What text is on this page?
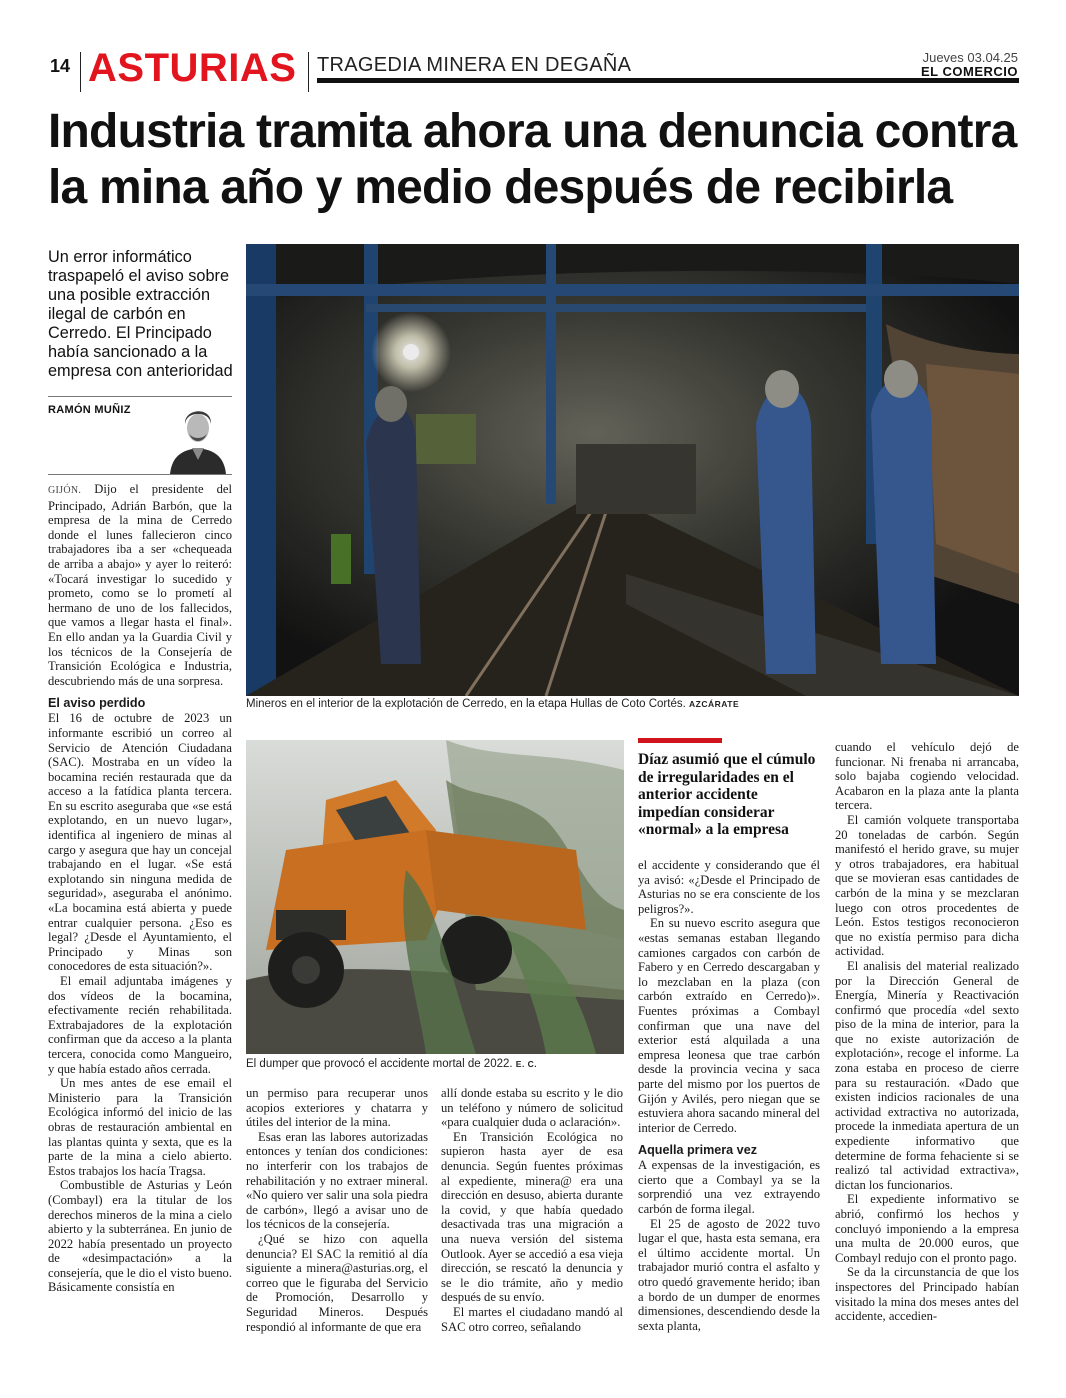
14 ASTURIAS TRAGEDIA MINERA EN DEGAÑA	Jueves 03.04.25
EL COMERCIO
Industria tramita ahora una denuncia contra
la mina año y medio después de recibirla
Un error informático traspapeló el aviso sobre una posible extracción ilegal de carbón en Cerredo. El Principado había sancionado a la empresa con anterioridad
RAMÓN MUÑIZ

GIJÓN. Dijo el presidente del Principado, Adrián Barbón, que la empresa de la mina de Cerredo donde el lunes fallecieron cinco trabajadores iba a ser «chequeada de arriba a abajo» y ayer lo reiteró: «Tocará investigar lo sucedido y prometo, como se lo prometí al hermano de uno de los fallecidos, que vamos a llegar hasta el final». En ello andan ya la Guardia Civil y los técnicos de la Consejería de Transición Ecológica e Industria, descubriendo más de una sorpresa.

El aviso perdido

El 16 de octubre de 2023 un informante escribió un correo al Servicio de Atención Ciudadana (SAC). Mostraba en un vídeo la bocamina recién restaurada que da acceso a la fatídica planta tercera. En su escrito aseguraba que «se está explotando, en un nuevo lugar», identifica al ingeniero de minas al cargo y asegura que hay un concejal trabajando en el lugar. «Se está explotando sin ninguna medida de seguridad», aseguraba el anónimo. «La bocamina está abierta y puede entrar cualquier persona. ¿Eso es legal? ¿Desde el Ayuntamiento, el Principado y Minas son conocedores de esta situación?».

El email adjuntaba imágenes y dos vídeos de la bocamina, efectivamente recién rehabilitada. Extrabajadores de la explotación confirman que da acceso a la planta tercera, conocida como Mangueiro, y que había estado años cerrada.

Un mes antes de ese email el Ministerio para la Transición Ecológica informó del inicio de las obras de restauración ambiental en las plantas quinta y sexta, que es la parte de la mina a cielo abierto. Estos trabajos los hacía Tragsa.

Combustible de Asturias y León (Combayl) era la titular de los derechos mineros de la mina a cielo abierto y la subterránea. En junio de 2022 había presentado un proyecto de «desimpactación» a la consejería, que le dio el visto bueno. Básicamente consistía en

Mineros en el interior de la explotación de Cerredo, en la etapa Hullas de Coto Cortés. AZCÁRATE
El dumper que provocó el accidente mortal de 2022. E. C.

un permiso para recuperar unos acopios exteriores y chatarra y útiles del interior de la mina.

Esas eran las labores autorizadas entonces y tenían dos condiciones: no interferir con los trabajos de rehabilitación y no extraer mineral. «No quiero ver salir una sola piedra de carbón», llegó a avisar uno de los técnicos de la consejería.

¿Qué se hizo con aquella denuncia? El SAC la remitió al día siguiente a minera@asturias.org, el correo que le figuraba del Servicio de Promoción, Desarrollo y Seguridad Mineros. Después respondió al informante de que era

allí donde estaba su escrito y le dio un teléfono y número de solicitud «para cualquier duda o aclaración».

En Transición Ecológica no supieron hasta ayer de esa denuncia. Según fuentes próximas al expediente, minera@ era una dirección en desuso, abierta durante la covid, y que había quedado desactivada tras una migración a una nueva versión del sistema Outlook. Ayer se accedió a esa vieja dirección, se rescató la denuncia y se le dio trámite, año y medio después de su envío.

El martes el ciudadano mandó al SAC otro correo, señalando

Díaz asumió que el cúmulo de irregularidades en el anterior accidente impedían considerar «normal» a la empresa

el accidente y considerando que él ya avisó: «¿Desde el Principado de Asturias no se era consciente de los peligros?».

En su nuevo escrito asegura que «estas semanas estaban llegando camiones cargados con carbón de Fabero y en Cerredo descargaban y lo mezclaban en la plaza (con carbón extraído en Cerredo)». Fuentes próximas a Combayl confirman que una nave del exterior está alquilada a una empresa leonesa que trae carbón desde la provincia vecina y saca parte del mismo por los puertos de Gijón y Avilés, pero niegan que se estuviera ahora sacando mineral del interior de Cerredo.

Aquella primera vez

A expensas de la investigación, es cierto que a Combayl ya se la sorprendió una vez extrayendo carbón de forma ilegal.

El 25 de agosto de 2022 tuvo lugar el que, hasta esta semana, era el último accidente mortal. Un trabajador murió contra el asfalto y otro quedó gravemente herido; iban a bordo de un dumper de enormes dimensiones, descendiendo desde la sexta planta,

cuando el vehículo dejó de funcionar. Ni frenaba ni arrancaba, solo bajaba cogiendo velocidad. Acabaron en la plaza ante la planta tercera.

El camión volquete transportaba 20 toneladas de carbón. Según manifestó el herido grave, su mujer y otros trabajadores, era habitual que se movieran esas cantidades de carbón de la mina y se mezclaran luego con otros procedentes de León. Estos testigos reconocieron que no existía permiso para dicha actividad.

El analisis del material realizado por la Dirección General de Energía, Minería y Reactivación confirmó que procedía «del sexto piso de la mina de interior, para la que no existe autorización de explotación», recoge el informe. La zona estaba en proceso de cierre para su restauración. «Dado que existen indicios racionales de una actividad extractiva no autorizada, procede la inmediata apertura de un expediente informativo que determine de forma fehaciente si se realizó tal actividad extractiva», dictan los funcionarios.

El expediente informativo se abrió, confirmó los hechos y concluyó imponiendo a la empresa una multa de 20.000 euros, que Combayl redujo con el pronto pago.

Se da la circunstancia de que los inspectores del Principado habían visitado la mina dos meses antes del accidente, accedien-
